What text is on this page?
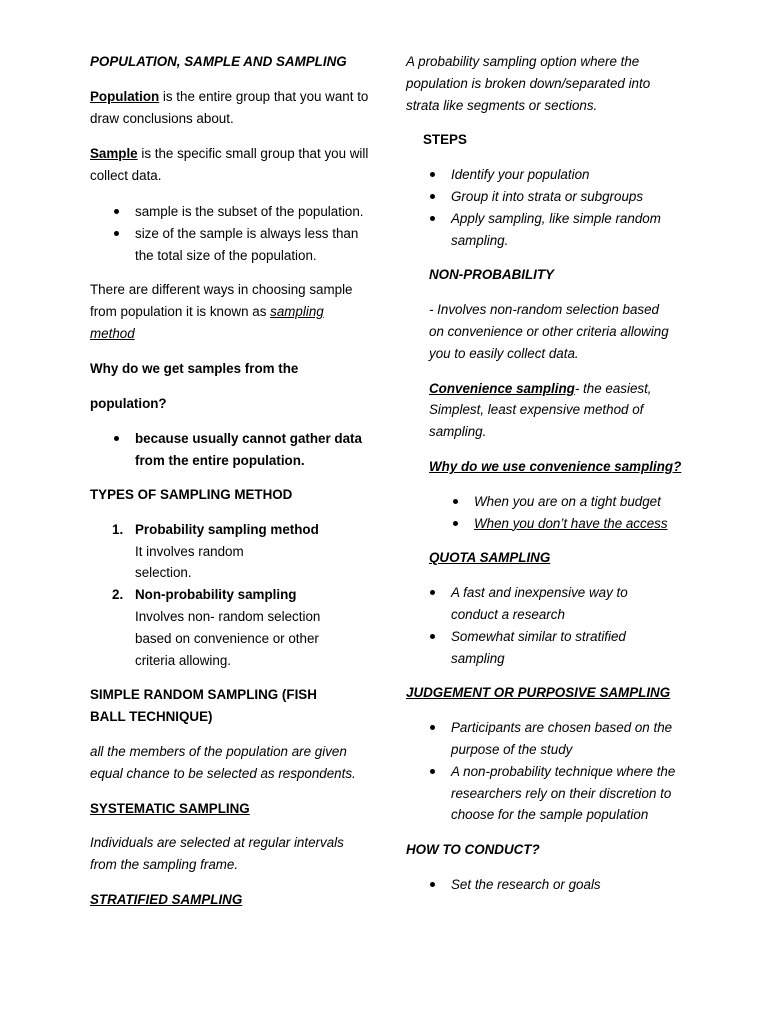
POPULATION, SAMPLE AND SAMPLING

Population is the entire group that you want to draw conclusions about.

Sample is the specific small group that you will collect data.

sample is the subset of the population.

size of the sample is always less than the total size of the population.

There are different ways in choosing sample from population it is known as sampling method

Why do we get samples from the

population?

because usually cannot gather data from the entire population.

TYPES OF SAMPLING METHOD

1. Probability sampling method

It involves random selection.

2. Non-probability sampling

Involves non- random selection based on convenience or other criteria allowing.

SIMPLE RANDOM SAMPLING (FISH BALL TECHNIQUE)

all the members of the population are given equal chance to be selected as respondents.

SYSTEMATIC SAMPLING

Individuals are selected at regular intervals from the sampling frame.

STRATIFIED SAMPLING

A probability sampling option where the population is broken down/separated into strata like segments or sections.

STEPS

Identify your population

Group it into strata or subgroups

Apply sampling, like simple random sampling.

NON-PROBABILITY

- Involves non-random selection based on convenience or other criteria allowing you to easily collect data.

Convenience sampling- the easiest, Simplest, least expensive method of sampling.

Why do we use convenience sampling?

When you are on a tight budget

When you don’t have the access

QUOTA SAMPLING

A fast and inexpensive way to conduct a research

Somewhat similar to stratified sampling

JUDGEMENT OR PURPOSIVE SAMPLING

Participants are chosen based on the purpose of the study

A non-probability technique where the researchers rely on their discretion to choose for the sample population

HOW TO CONDUCT?

Set the research or goals
